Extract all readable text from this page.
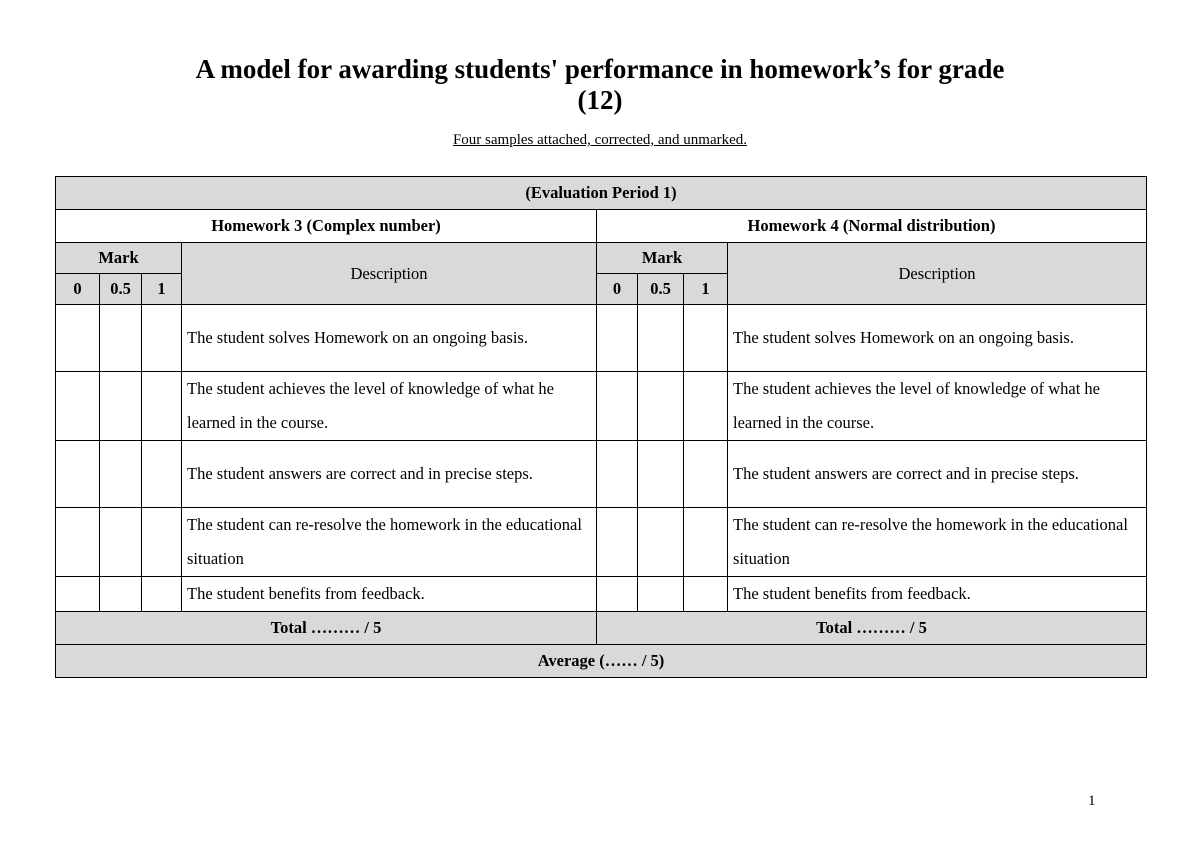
A model for awarding students' performance in homework’s for grade
(12)
Four samples attached, corrected, and unmarked.
(Evaluation Period 1)							
Homework 3 (Complex number)				Homework 4 (Normal distribution)			
Mark			Description	Mark			Description
0	0.5	1		0	0.5	1	
			The student solves Homework on an ongoing basis.				The student solves Homework on an ongoing basis.
			The student achieves the level of knowledge of what he learned in the course.				The student achieves the level of knowledge of what he learned in the course.
			The student answers are correct and in precise steps.				The student answers are correct and in precise steps.
			The student can re-resolve the homework in the educational situation				The student can re-resolve the homework in the educational situation
			The student benefits from feedback.				The student benefits from feedback.
Total ……… / 5				Total ……… / 5			
Average (…… / 5)							
1
